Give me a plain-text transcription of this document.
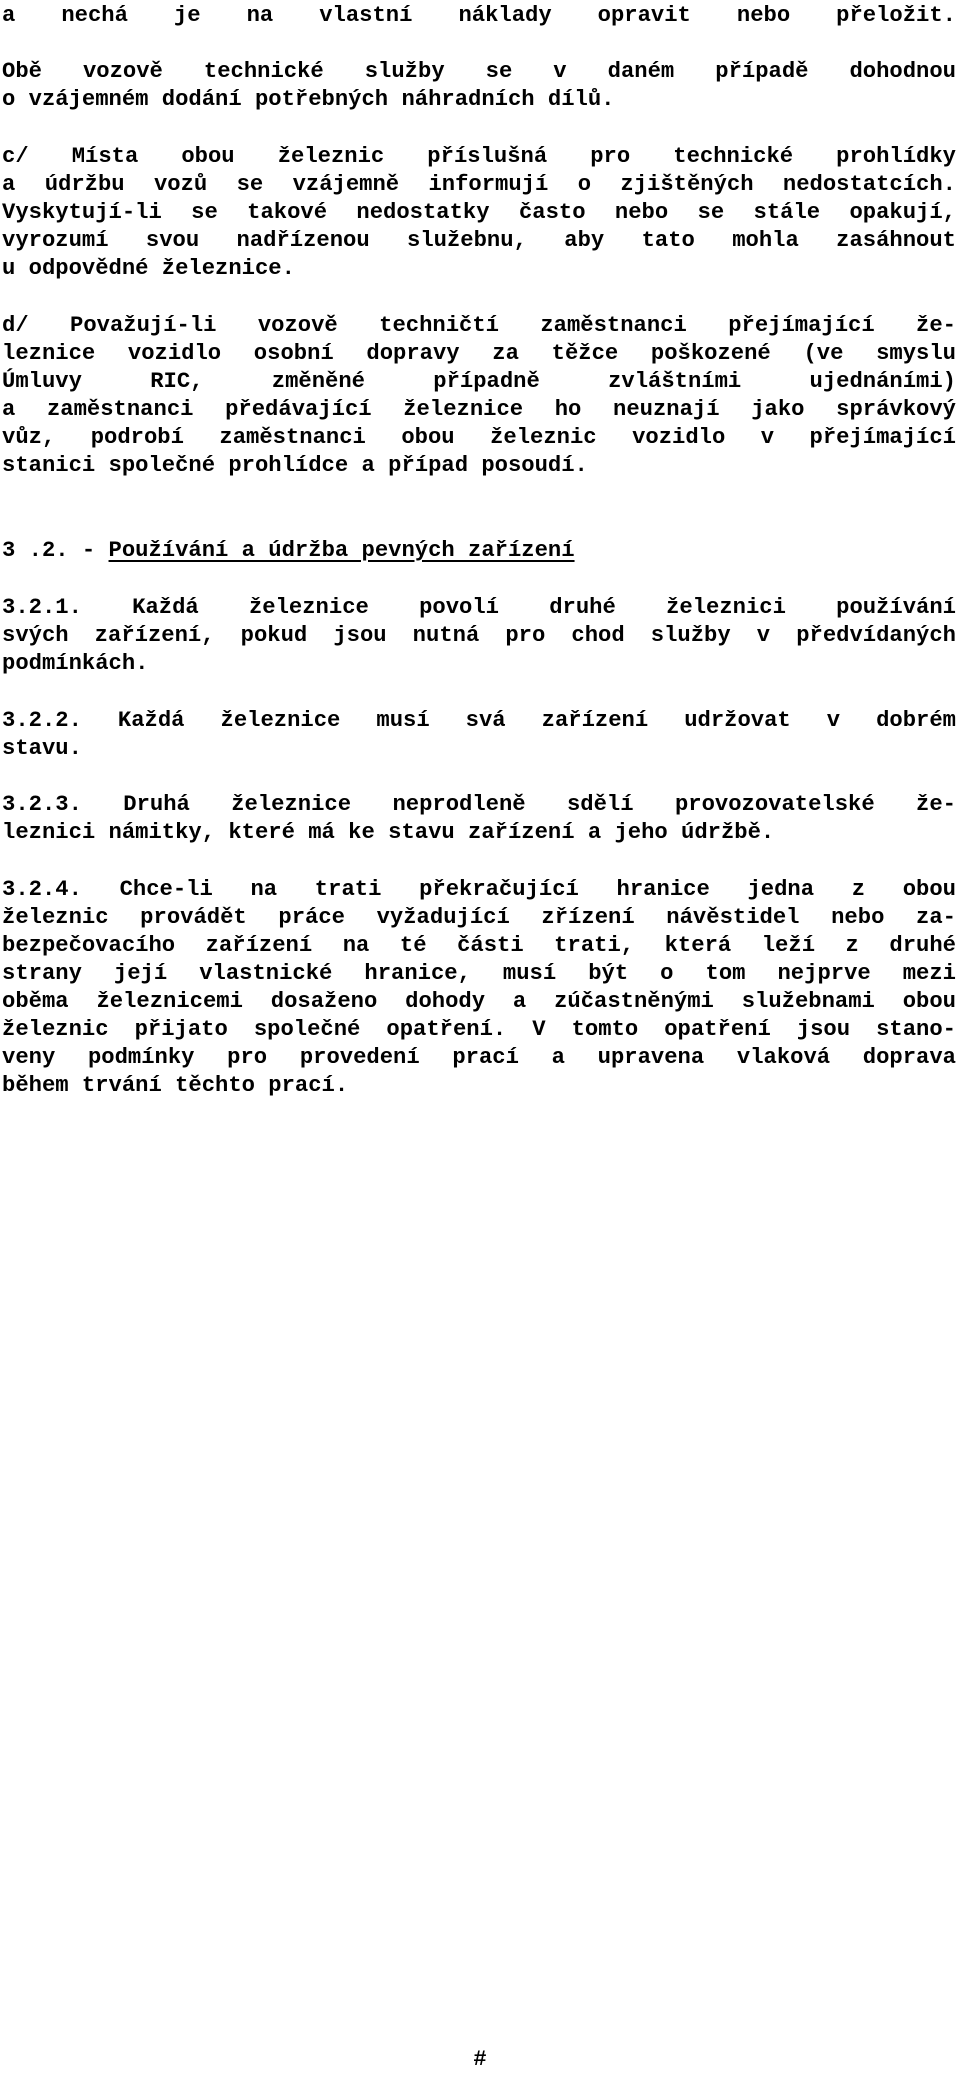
a nechá je na vlastní náklady opravit nebo přeložit.
Obě vozově technické služby se v daném případě dohodnou
o vzájemném dodání potřebných náhradních dílů.
c/ Místa obou železnic příslušná pro technické prohlídky
a údržbu vozů se vzájemně informují o zjištěných nedostatcích.
Vyskytují-li se takové nedostatky často nebo se stále opakují,
vyrozumí svou nadřízenou služebnu, aby tato mohla zasáhnout
u odpovědné železnice.
d/ Považují-li vozově techničtí zaměstnanci přejímající že-
leznice vozidlo osobní dopravy za těžce poškozené (ve smyslu
Úmluvy RIC, změněné případně zvláštními ujednáními)
a zaměstnanci předávající železnice ho neuznají jako správkový
vůz, podrobí zaměstnanci obou železnic vozidlo v přejímající
stanici společné prohlídce a případ posoudí.
3 .2. - Používání a údržba pevných zařízení
3.2.1. Každá železnice povolí druhé železnici používání
svých zařízení, pokud jsou nutná pro chod služby v předvídaných
podmínkách.
3.2.2. Každá železnice musí svá zařízení udržovat v dobrém
stavu.
3.2.3. Druhá železnice neprodleně sdělí provozovatelské že-
leznici námitky, které má ke stavu zařízení a jeho údržbě.
3.2.4. Chce-li na trati překračující hranice jedna z obou
železnic provádět práce vyžadující zřízení návěstidel nebo za-
bezpečovacího zařízení na té části trati, která leží z druhé
strany její vlastnické hranice, musí být o tom nejprve mezi
oběma železnicemi dosaženo dohody a zúčastněnými služebnami obou
železnic přijato společné opatření. V tomto opatření jsou stano-
veny podmínky pro provedení prací a upravena vlaková doprava
během trvání těchto prací.
#
